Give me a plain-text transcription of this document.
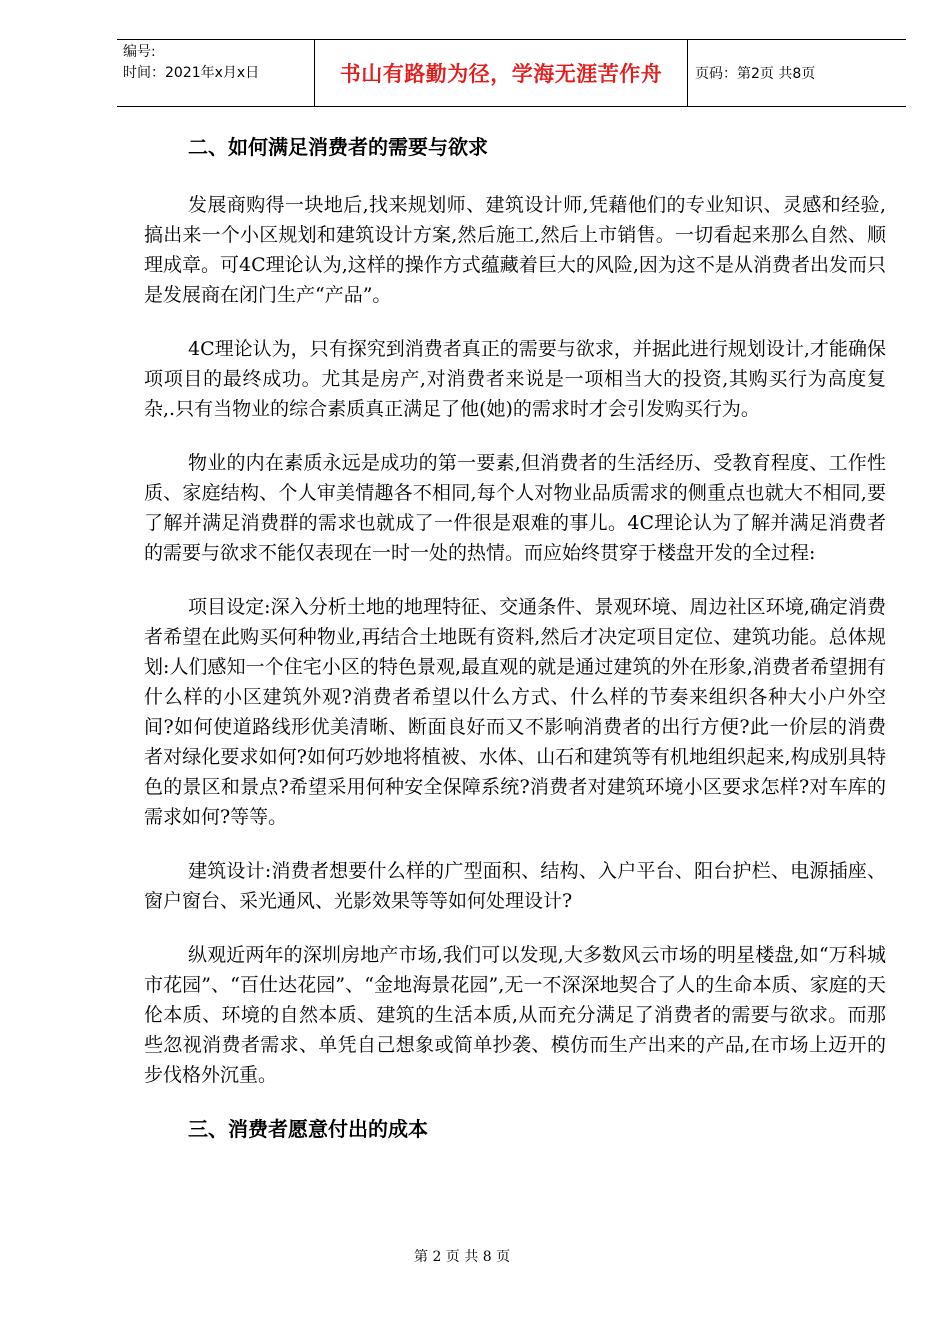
编号:
时间：2021年x月x日	书山有路勤为径，学海无涯苦作舟	页码：第2页 共8页
二、如何满足消费者的需要与欲求

发展商购得一块地后,找来规划师、建筑设计师,凭藉他们的专业知识、灵感和经验,搞出来一个小区规划和建筑设计方案,然后施工,然后上市销售。一切看起来那么自然、顺理成章。可4C理论认为,这样的操作方式蕴藏着巨大的风险,因为这不是从消费者出发而只是发展商在闭门生产“产品”。

4C理论认为，只有探究到消费者真正的需要与欲求，并据此进行规划设计,才能确保项项目的最终成功。尤其是房产,对消费者来说是一项相当大的投资,其购买行为高度复杂,.只有当物业的综合素质真正满足了他(她)的需求时才会引发购买行为。

物业的内在素质永远是成功的第一要素,但消费者的生活经历、受教育程度、工作性质、家庭结构、个人审美情趣各不相同,每个人对物业品质需求的侧重点也就大不相同,要了解并满足消费群的需求也就成了一件很是艰难的事儿。4C理论认为了解并满足消费者的需要与欲求不能仅表现在一时一处的热情。而应始终贯穿于楼盘开发的全过程:

项目设定:深入分析土地的地理特征、交通条件、景观环境、周边社区环境,确定消费者希望在此购买何种物业,再结合土地既有资料,然后才决定项目定位、建筑功能。总体规划:人们感知一个住宅小区的特色景观,最直观的就是通过建筑的外在形象,消费者希望拥有什么样的小区建筑外观?消费者希望以什么方式、什么样的节奏来组织各种大小户外空间?如何使道路线形优美清晰、断面良好而又不影响消费者的出行方便?此一价层的消费者对绿化要求如何?如何巧妙地将植被、水体、山石和建筑等有机地组织起来,构成别具特色的景区和景点?希望采用何种安全保障系统?消费者对建筑环境小区要求怎样?对车库的需求如何?等等。

建筑设计:消费者想要什么样的广型面积、结构、入户平台、阳台护栏、电源插座、窗户窗台、采光通风、光影效果等等如何处理设计?

纵观近两年的深圳房地产市场,我们可以发现,大多数风云市场的明星楼盘,如“万科城市花园”、“百仕达花园”、“金地海景花园”,无一不深深地契合了人的生命本质、家庭的天伦本质、环境的自然本质、建筑的生活本质,从而充分满足了消费者的需要与欲求。而那些忽视消费者需求、单凭自己想象或简单抄袭、模仿而生产出来的产品,在市场上迈开的步伐格外沉重。

三、消费者愿意付出的成本
第 2 页 共 8 页
